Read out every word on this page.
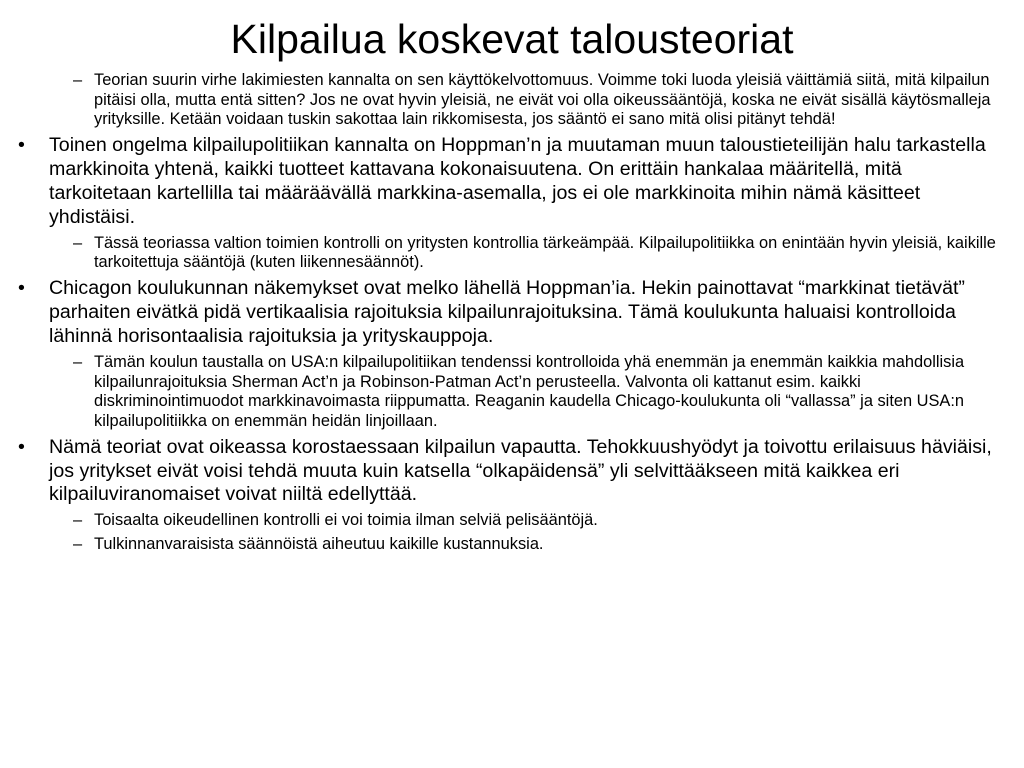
Kilpailua koskevat talousteoriat
– Teorian suurin virhe lakimiesten kannalta on sen käyttökelvottomuus. Voimme toki luoda yleisiä väittämiä siitä, mitä kilpailun pitäisi olla, mutta entä sitten? Jos ne ovat hyvin yleisiä, ne eivät voi olla oikeussääntöjä, koska ne eivät sisällä käytösmalleja yrityksille. Ketään voidaan tuskin sakottaa lain rikkomisesta, jos sääntö ei sano mitä olisi pitänyt tehdä!
• Toinen ongelma kilpailupolitiikan kannalta on Hoppman’n ja muutaman muun taloustieteilijän halu tarkastella markkinoita yhtenä, kaikki tuotteet kattavana kokonaisuutena. On erittäin hankalaa määritellä, mitä tarkoitetaan kartellilla tai määräävällä markkina-asemalla, jos ei ole markkinoita mihin nämä käsitteet yhdistäisi.
– Tässä teoriassa valtion toimien kontrolli on yritysten kontrollia tärkeämpää. Kilpailupolitiikka on enintään hyvin yleisiä, kaikille tarkoitettuja sääntöjä (kuten liikennesäännöt).
• Chicagon koulukunnan näkemykset ovat melko lähellä Hoppman’ia. Hekin painottavat “markkinat tietävät” parhaiten eivätkä pidä vertikaalisia rajoituksia kilpailunrajoituksina. Tämä koulukunta haluaisi kontrolloida lähinnä horisontaalisia rajoituksia ja yrityskauppoja.
– Tämän koulun taustalla on USA:n kilpailupolitiikan tendenssi kontrolloida yhä enemmän ja enemmän kaikkia mahdollisia kilpailunrajoituksia Sherman Act’n ja Robinson-Patman Act’n perusteella. Valvonta oli kattanut esim. kaikki diskriminointimuodot markkinavoimasta riippumatta. Reaganin kaudella Chicago-koulukunta oli “vallassa” ja siten USA:n kilpailupolitiikka on enemmän heidän linjoillaan.
• Nämä teoriat ovat oikeassa korostaessaan kilpailun vapautta. Tehokkuushyödyt ja toivottu erilaisuus häviäisi, jos yritykset eivät voisi tehdä muuta kuin katsella “olkapäidensä” yli selvittääkseen mitä kaikkea eri kilpailuviranomaiset voivat niiltä edellyttää.
– Toisaalta oikeudellinen kontrolli ei voi toimia ilman selviä pelisääntöjä.
– Tulkinnanvaraisista säännöistä aiheutuu kaikille kustannuksia.
